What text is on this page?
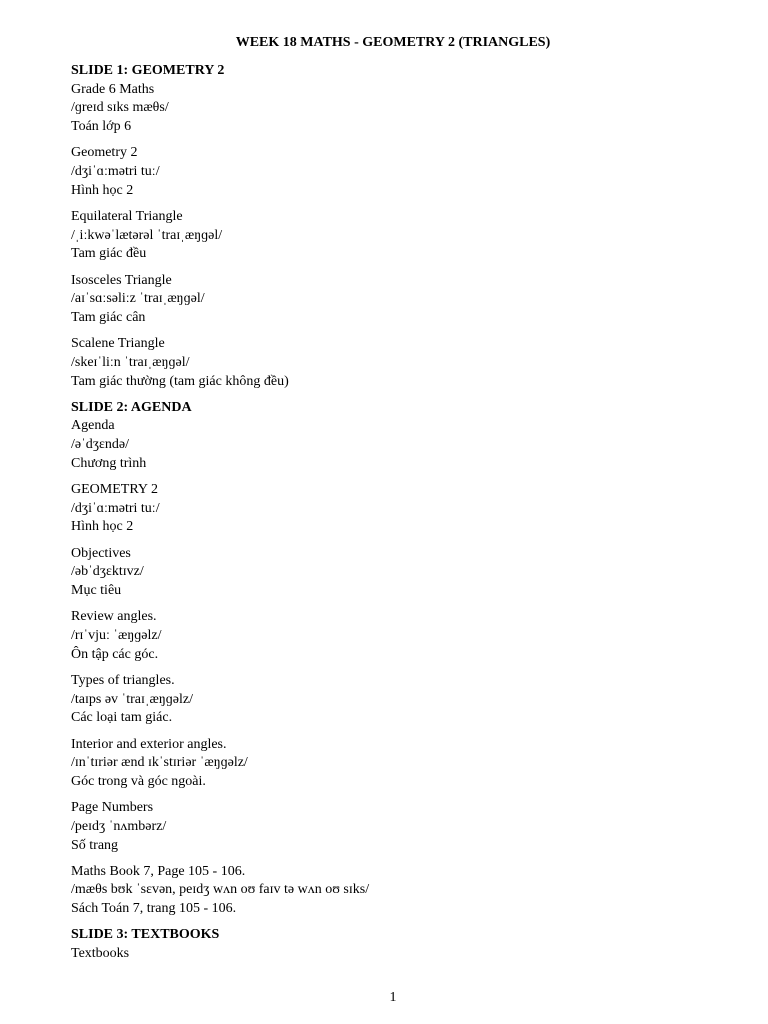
WEEK 18 MATHS - GEOMETRY 2 (TRIANGLES)
SLIDE 1: GEOMETRY 2
Grade 6 Maths
/ɡreɪd sɪks mæθs/
Toán lớp 6
Geometry 2
/dʒiˈɑːmətri tuː/
Hình học 2
Equilateral Triangle
/ˌiːkwəˈlætərəl ˈtraɪˌæŋɡəl/
Tam giác đều
Isosceles Triangle
/aɪˈsɑːsəliːz ˈtraɪˌæŋɡəl/
Tam giác cân
Scalene Triangle
/skeɪˈliːn ˈtraɪˌæŋɡəl/
Tam giác thường (tam giác không đều)
SLIDE 2: AGENDA
Agenda
/əˈdʒɛndə/
Chương trình
GEOMETRY 2
/dʒiˈɑːmətri tuː/
Hình học 2
Objectives
/əbˈdʒɛktɪvz/
Mục tiêu
Review angles.
/rɪˈvjuː ˈæŋɡəlz/
Ôn tập các góc.
Types of triangles.
/taɪps əv ˈtraɪˌæŋɡəlz/
Các loại tam giác.
Interior and exterior angles.
/ɪnˈtɪriər ænd ɪkˈstɪriər ˈæŋɡəlz/
Góc trong và góc ngoài.
Page Numbers
/peɪdʒ ˈnʌmbərz/
Số trang
Maths Book 7, Page 105 - 106.
/mæθs bʊk ˈsɛvən, peɪdʒ wʌn oʊ faɪv tə wʌn oʊ sɪks/
Sách Toán 7, trang 105 - 106.
SLIDE 3: TEXTBOOKS
Textbooks
1
